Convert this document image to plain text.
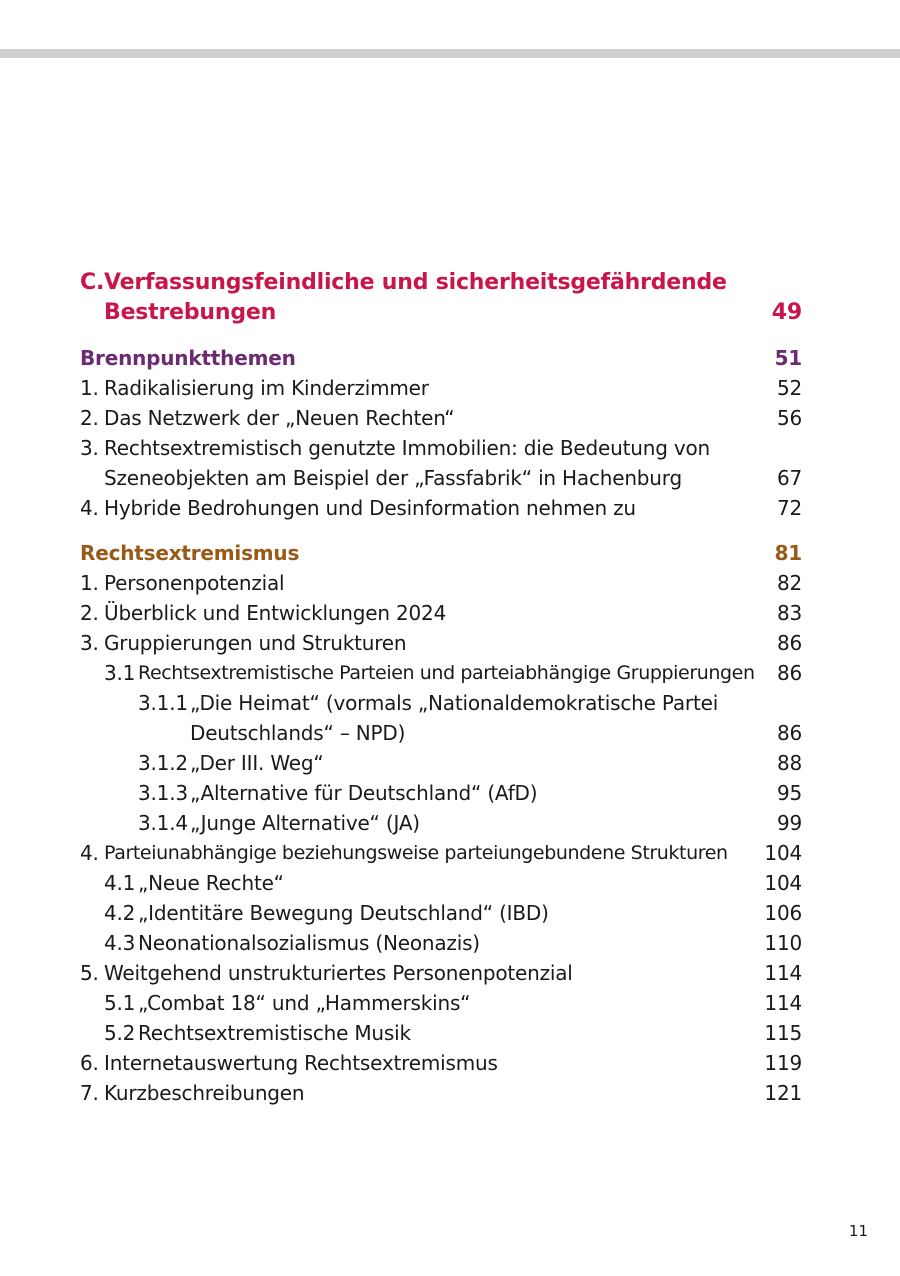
C. Verfassungsfeindliche und sicherheitsgefährdende
Bestrebungen	49
Brennpunktthemen	51
1. Radikalisierung im Kinderzimmer	52
2. Das Netzwerk der „Neuen Rechten“	56
3. Rechtsextremistisch genutzte Immobilien: die Bedeutung von
Szeneobjekten am Beispiel der „Fassfabrik“ in Hachenburg	67
4. Hybride Bedrohungen und Desinformation nehmen zu	72
Rechtsextremismus	81
1. Personenpotenzial	82
2. Überblick und Entwicklungen 2024	83
3. Gruppierungen und Strukturen	86
3.1 Rechtsextremistische Parteien und parteiabhängige Gruppierungen 86
3.1.1 „Die Heimat“ (vormals „Nationaldemokratische Partei
Deutschlands“ – NPD)	86
3.1.2 „Der III. Weg“	88
3.1.3 „Alternative für Deutschland“ (AfD)	95
3.1.4 „Junge Alternative“ (JA)	99
4. Parteiunabhängige beziehungsweise parteiungebundene Strukturen 104
4.1 „Neue Rechte“	104
4.2 „Identitäre Bewegung Deutschland“ (IBD)	106
4.3 Neonationalsozialismus (Neonazis)	110
5. Weitgehend unstrukturiertes Personenpotenzial	114
5.1 „Combat 18“ und „Hammerskins“	114
5.2 Rechtsextremistische Musik	115
6. Internetauswertung Rechtsextremismus	119
7. Kurzbeschreibungen	121
11
